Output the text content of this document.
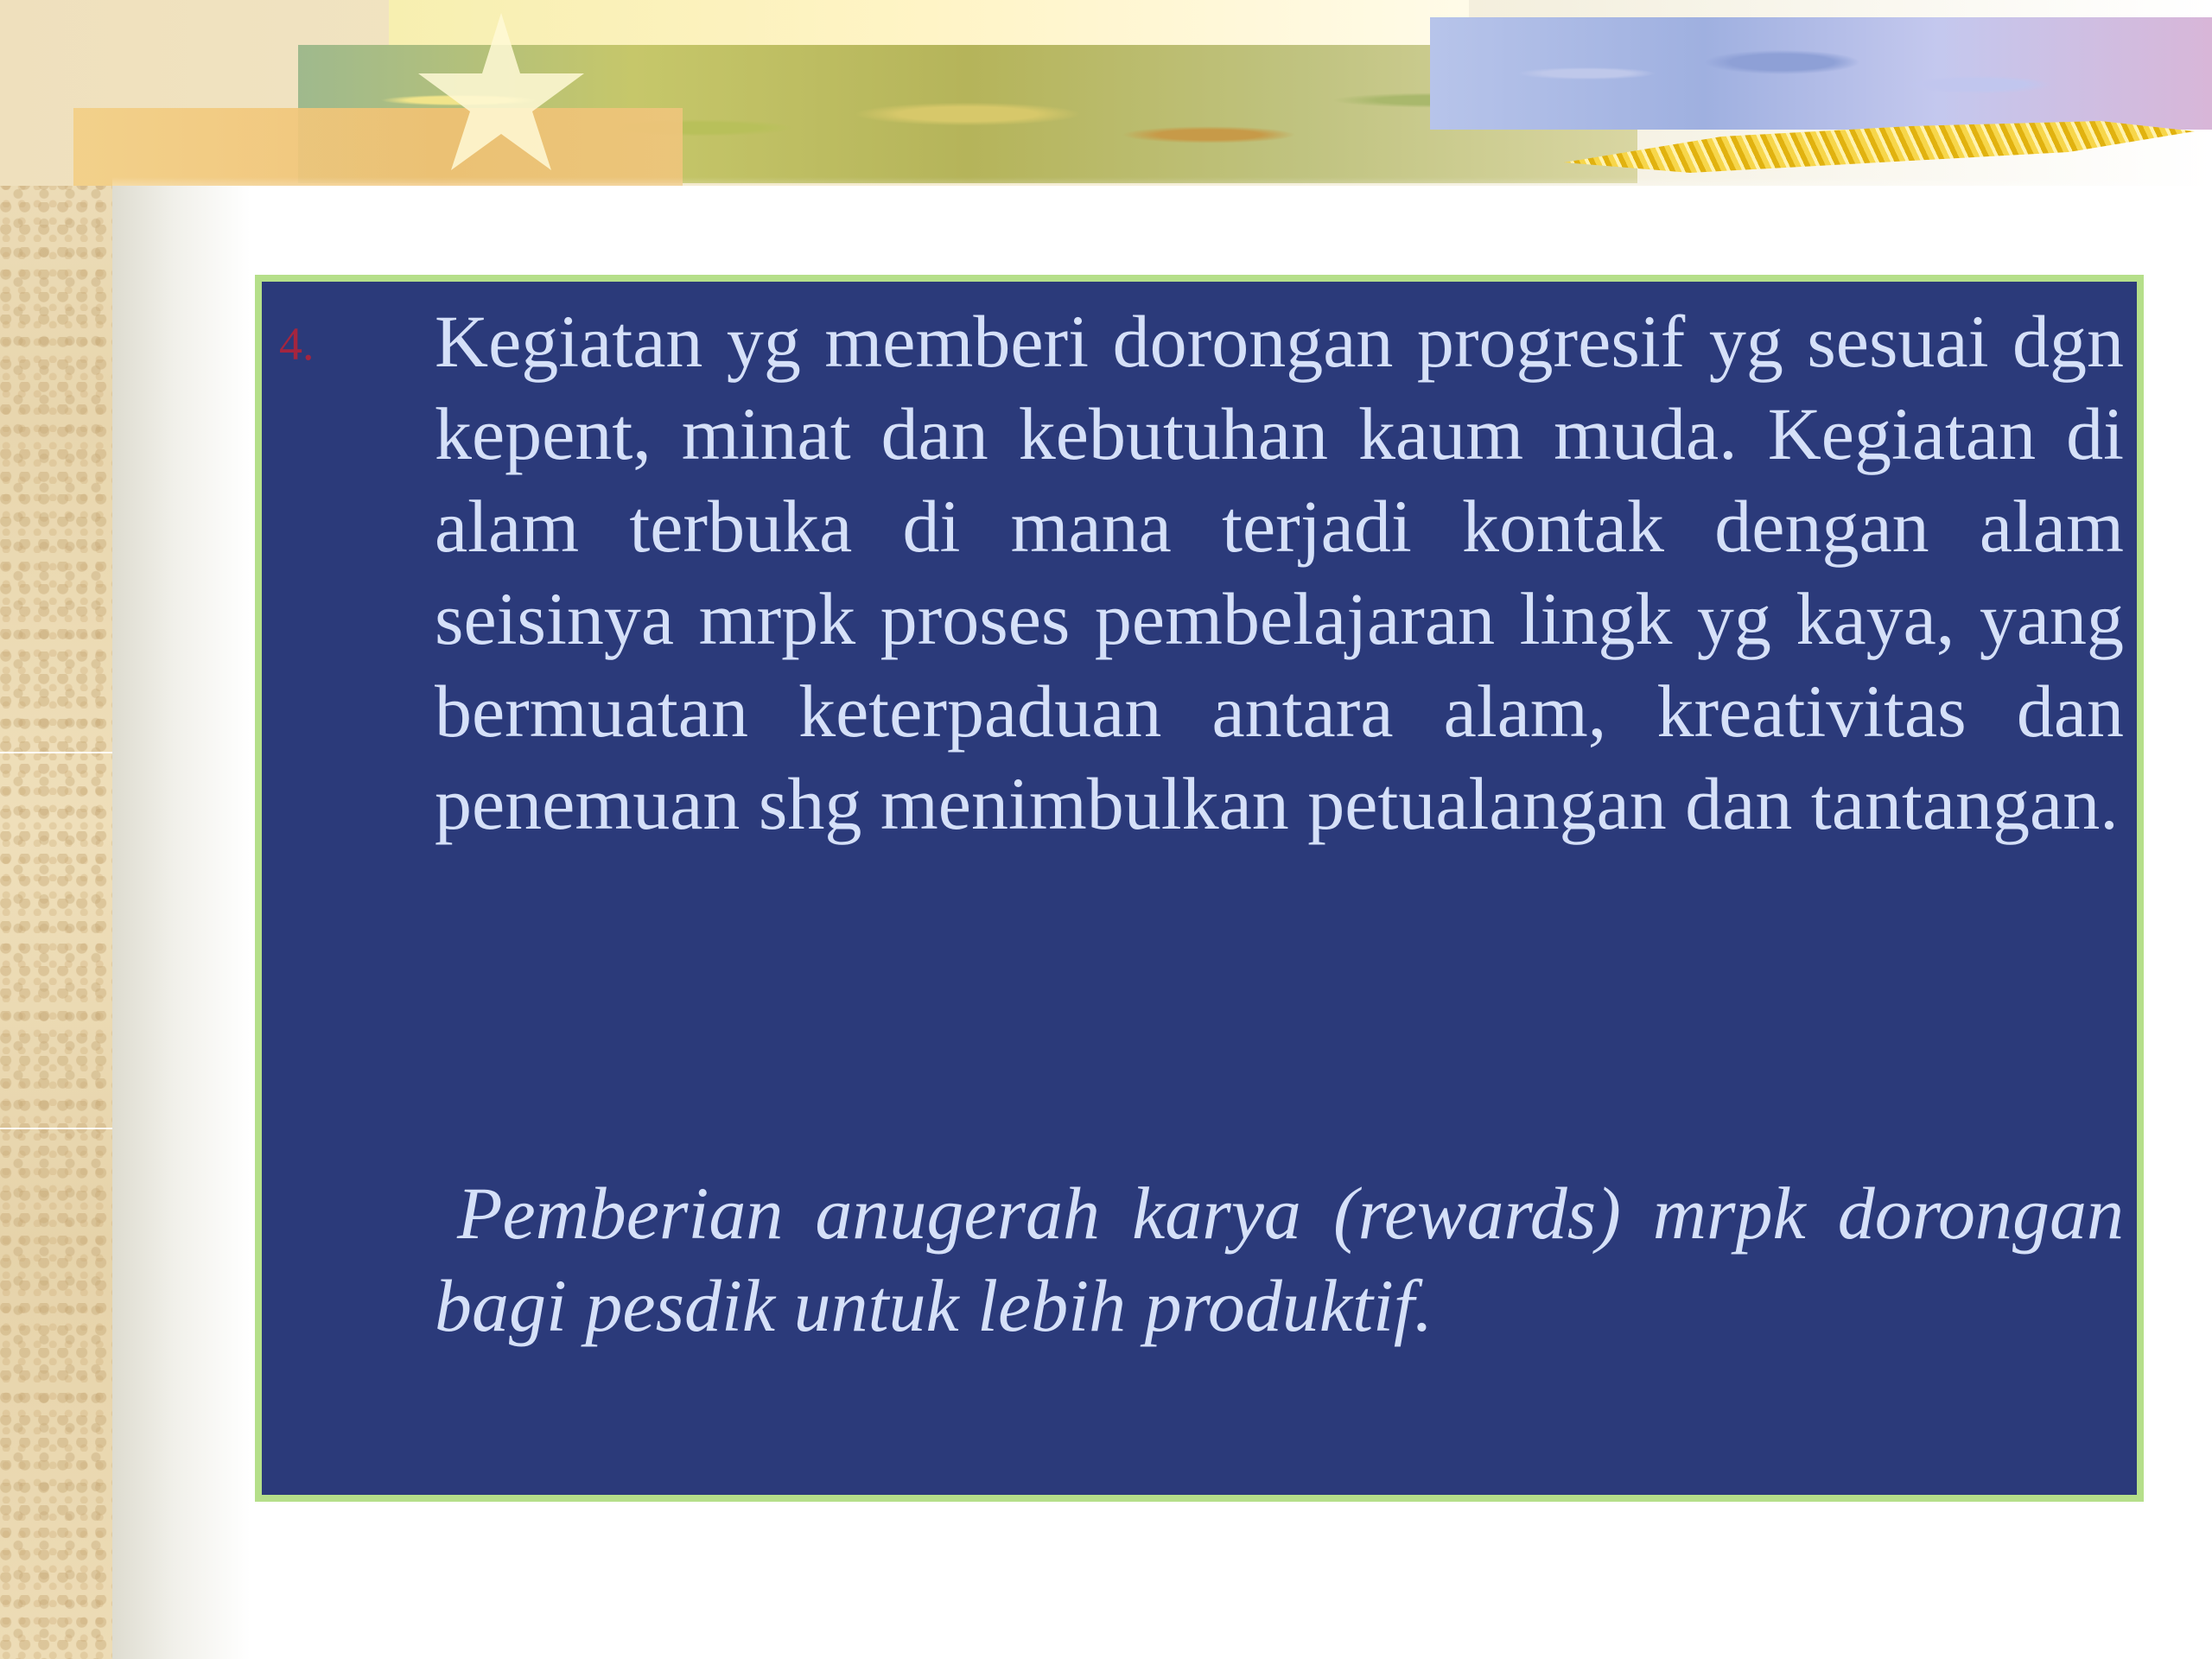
4. Kegiatan yg memberi dorongan progresif yg sesuai dgn kepent, minat dan kebutuhan kaum muda. Kegiatan di alam terbuka di mana terjadi kontak dengan alam seisinya mrpk proses pembelajaran lingk yg kaya, yang bermuatan keterpaduan antara alam, kreativitas dan penemuan shg menimbulkan petualangan dan tantangan.
Pemberian anugerah karya (rewards) mrpk dorongan bagi pesdik untuk lebih produktif.
